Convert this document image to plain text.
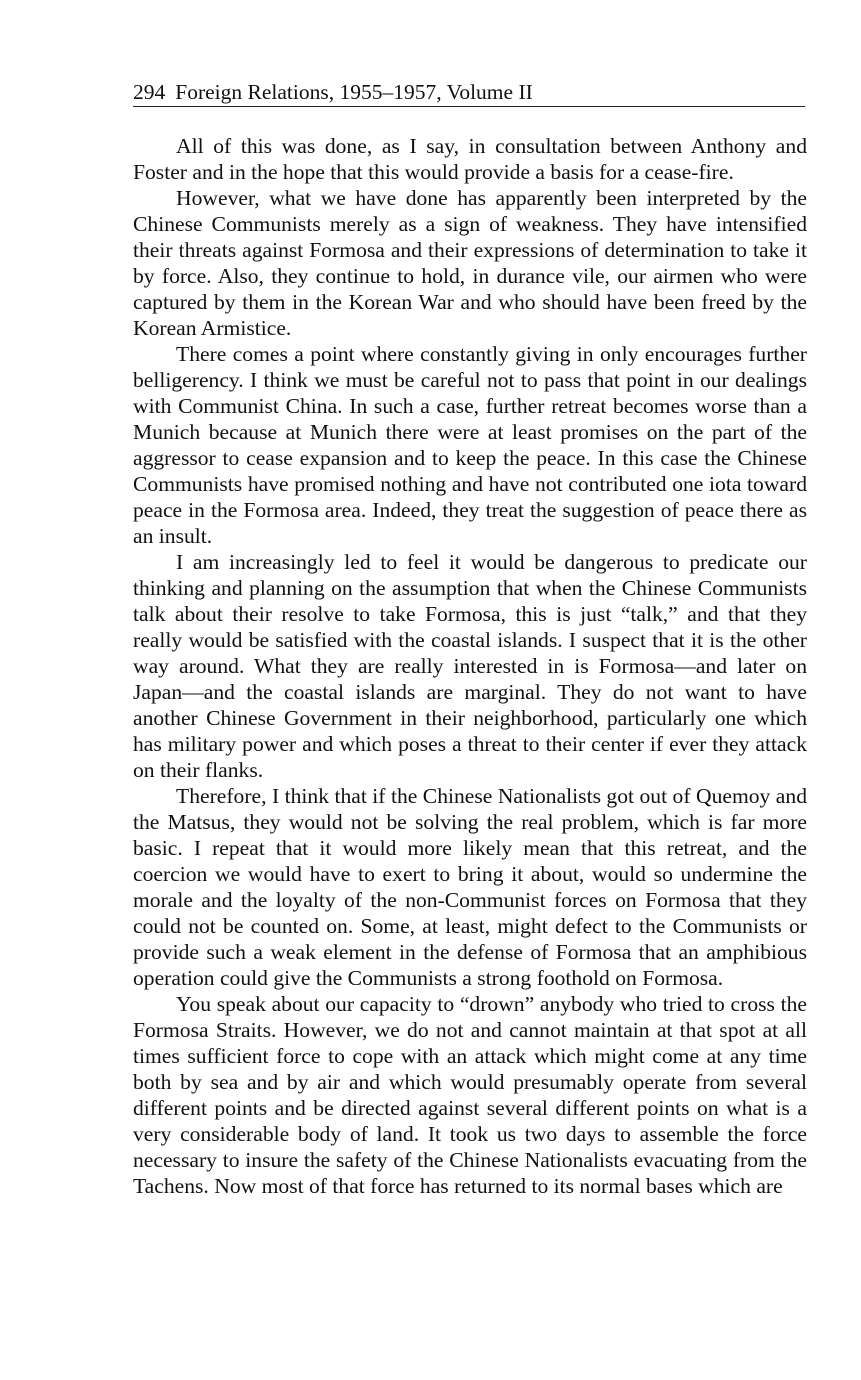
294 Foreign Relations, 1955–1957, Volume II

All of this was done, as I say, in consultation between Anthony and Foster and in the hope that this would provide a basis for a cease-fire.

However, what we have done has apparently been interpreted by the Chinese Communists merely as a sign of weakness. They have intensified their threats against Formosa and their expressions of determination to take it by force. Also, they continue to hold, in durance vile, our airmen who were captured by them in the Korean War and who should have been freed by the Korean Armistice.

There comes a point where constantly giving in only encourages further belligerency. I think we must be careful not to pass that point in our dealings with Communist China. In such a case, further retreat becomes worse than a Munich because at Munich there were at least promises on the part of the aggressor to cease expansion and to keep the peace. In this case the Chinese Communists have promised nothing and have not contributed one iota toward peace in the Formosa area. Indeed, they treat the suggestion of peace there as an insult.

I am increasingly led to feel it would be dangerous to predicate our thinking and planning on the assumption that when the Chinese Communists talk about their resolve to take Formosa, this is just “talk,” and that they really would be satisfied with the coastal islands. I suspect that it is the other way around. What they are really interested in is Formosa—and later on Japan—and the coastal islands are marginal. They do not want to have another Chinese Government in their neighborhood, particularly one which has military power and which poses a threat to their center if ever they attack on their flanks.

Therefore, I think that if the Chinese Nationalists got out of Quemoy and the Matsus, they would not be solving the real problem, which is far more basic. I repeat that it would more likely mean that this retreat, and the coercion we would have to exert to bring it about, would so undermine the morale and the loyalty of the non-Communist forces on Formosa that they could not be counted on. Some, at least, might defect to the Communists or provide such a weak element in the defense of Formosa that an amphibious operation could give the Communists a strong foothold on Formosa.

You speak about our capacity to “drown” anybody who tried to cross the Formosa Straits. However, we do not and cannot maintain at that spot at all times sufficient force to cope with an attack which might come at any time both by sea and by air and which would presumably operate from several different points and be directed against several different points on what is a very considerable body of land. It took us two days to assemble the force necessary to insure the safety of the Chinese Nationalists evacuating from the Tachens. Now most of that force has returned to its normal bases which are
